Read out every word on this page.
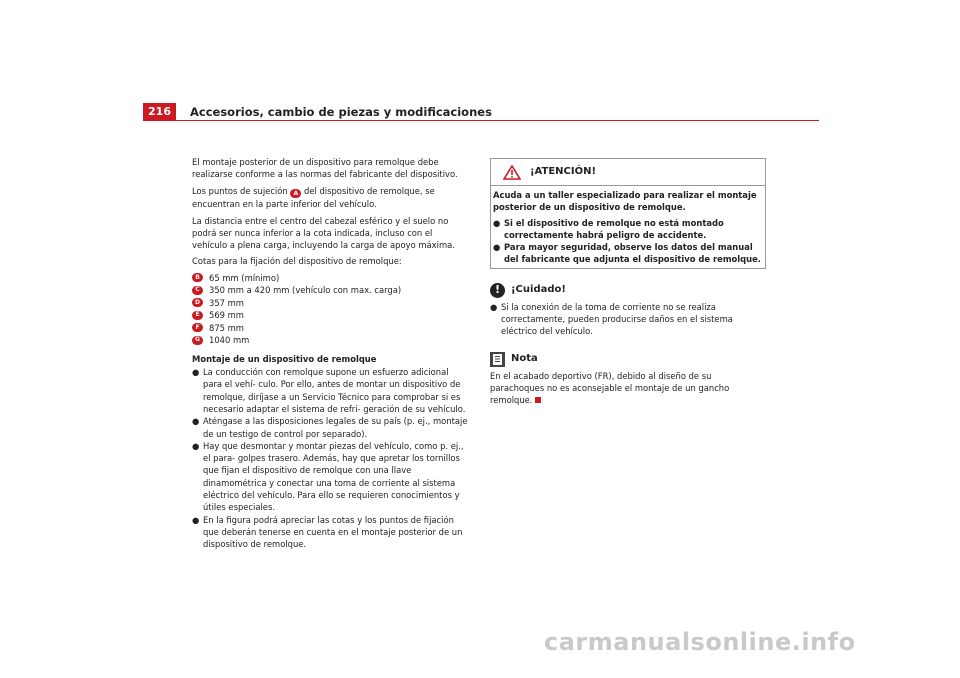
216	Accesorios, cambio de piezas y modificaciones

El montaje posterior de un dispositivo para remolque debe realizarse conforme a las normas del fabricante del dispositivo.

Los puntos de sujeción A del dispositivo de remolque, se encuentran en la parte inferior del vehículo.

La distancia entre el centro del cabezal esférico y el suelo no podrá ser nunca inferior a la cota indicada, incluso con el vehículo a plena carga, incluyendo la carga de apoyo máxima.

Cotas para la fijación del dispositivo de remolque:

B	65 mm (mínimo)
C	350 mm a 420 mm (vehículo con max. carga)
D	357 mm
E	569 mm
F	875 mm
G	1040 mm
Montaje de un dispositivo de remolque
● La conducción con remolque supone un esfuerzo adicional para el vehí- culo. Por ello, antes de montar un dispositivo de remolque, diríjase a un Servicio Técnico para comprobar si es necesario adaptar el sistema de refri- geración de su vehículo.
● Aténgase a las disposiciones legales de su país (p. ej., montaje de un testigo de control por separado).
● Hay que desmontar y montar piezas del vehículo, como p. ej., el para- golpes trasero. Además, hay que apretar los tornillos que fijan el dispositivo de remolque con una llave dinamométrica y conectar una toma de corriente al sistema eléctrico del vehículo. Para ello se requieren conocimientos y útiles especiales.
● En la figura podrá apreciar las cotas y los puntos de fijación que deberán tenerse en cuenta en el montaje posterior de un dispositivo de remolque.
¡ATENCIÓN!

Acuda a un taller especializado para realizar el montaje posterior de un dispositivo de remolque.

● Si el dispositivo de remolque no está montado correctamente habrá peligro de accidente.
● Para mayor seguridad, observe los datos del manual del fabricante que adjunta el dispositivo de remolque.
!	¡Cuidado!
● Si la conexión de la toma de corriente no se realiza correctamente, pueden producirse daños en el sistema eléctrico del vehículo.
Nota
En el acabado deportivo (FR), debido al diseño de su parachoques no es aconsejable el montaje de un gancho remolque.
carmanualsonline.info
